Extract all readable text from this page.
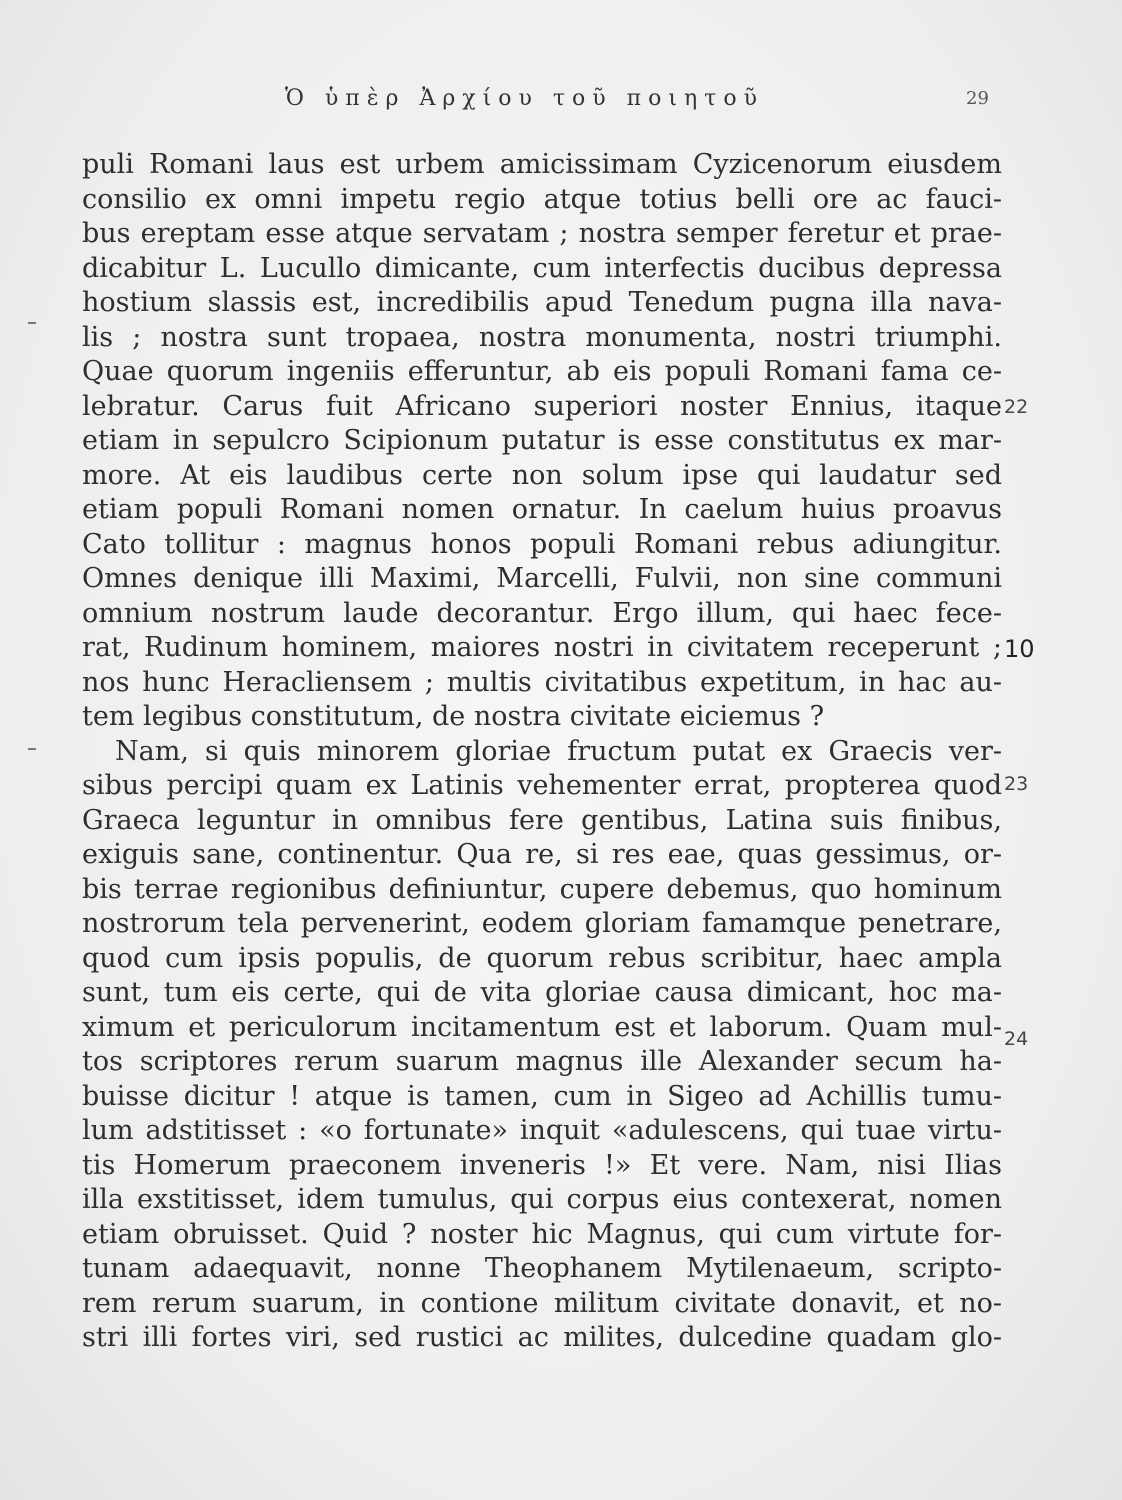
Ὁ ὑπὲρ Ἀρχίου τοῦ ποιητοῦ	29
puli Romani laus est urbem amicissimam Cyzicenorum eiusdem
consilio ex omni impetu regio atque totius belli ore ac fauci-
bus ereptam esse atque servatam ; nostra semper feretur et prae-
dicabitur L. Lucullo dimicante, cum interfectis ducibus depressa
hostium slassis est, incredibilis apud Tenedum pugna illa nava-
lis ; nostra sunt tropaea, nostra monumenta, nostri triumphi.
Quae quorum ingeniis efferuntur, ab eis populi Romani fama ce-
lebratur. Carus fuit Africano superiori noster Ennius, itaque
etiam in sepulcro Scipionum putatur is esse constitutus ex mar-
more. At eis laudibus certe non solum ipse qui laudatur sed
etiam populi Romani nomen ornatur. In caelum huius proavus
Cato tollitur : magnus honos populi Romani rebus adiungitur.
Omnes denique illi Maximi, Marcelli, Fulvii, non sine communi
omnium nostrum laude decorantur. Ergo illum, qui haec fece-
rat, Rudinum hominem, maiores nostri in civitatem receperunt ;
nos hunc Heracliensem ; multis civitatibus expetitum, in hac au-
tem legibus constitutum, de nostra civitate eiciemus ?
Nam, si quis minorem gloriae fructum putat ex Graecis ver-
sibus percipi quam ex Latinis vehementer errat, propterea quod
Graeca leguntur in omnibus fere gentibus, Latina suis finibus,
exiguis sane, continentur. Qua re, si res eae, quas gessimus, or-
bis terrae regionibus definiuntur, cupere debemus, quo hominum
nostrorum tela pervenerint, eodem gloriam famamque penetrare,
quod cum ipsis populis, de quorum rebus scribitur, haec ampla
sunt, tum eis certe, qui de vita gloriae causa dimicant, hoc ma-
ximum et periculorum incitamentum est et laborum. Quam mul-
tos scriptores rerum suarum magnus ille Alexander secum ha-
buisse dicitur ! atque is tamen, cum in Sigeo ad Achillis tumu-
lum adstitisset : «o fortunate» inquit «adulescens, qui tuae virtu-
tis Homerum praeconem inveneris !» Et vere. Nam, nisi Ilias
illa exstitisset, idem tumulus, qui corpus eius contexerat, nomen
etiam obruisset. Quid ? noster hic Magnus, qui cum virtute for-
tunam adaequavit, nonne Theophanem Mytilenaeum, scripto-
rem rerum suarum, in contione militum civitate donavit, et no-
stri illi fortes viri, sed rustici ac milites, dulcedine quadam glo-
22
10
23
24
